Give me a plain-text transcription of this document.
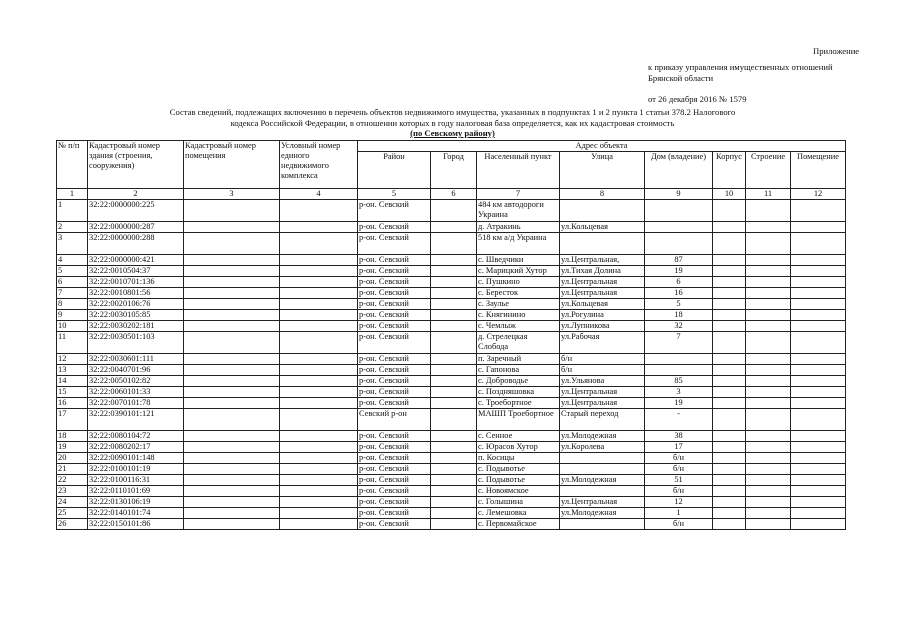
Приложение
к приказу управления имущественных отношений
Брянской области
от 26 декабря 2016 № 1579
Состав сведений, подлежащих включению в перечень объектов недвижимого имущества, указанных в подпунктах 1 и 2 пункта 1 статьи 378.2 Налогового
кодекса Российской Федерации, в отношении которых в году налоговая база определяется, как их кадастровая стоимость
(по Севскому району)
№ п/п	Кадастровый номер здания (строения, сооружения)	Кадастровый номер помещения	Условный номер единого недвижимого комплекса	Адрес объекта							
				Район	Город	Населенный пункт	Улица	Дом (владение)	Корпус	Строение	Помещение
1	2	3	4	5	6	7	8	9	10	11	12
1	32:22:0000000:225			р-он. Севский		484 км автодороги Украина					
2	32:22:0000000:287			р-он. Севский		д. Атракинь	ул.Кольцевая				
3	32:22:0000000:288			р-он. Севский		518 км а/д Украина					
4	32:22:0000000:421			р-он. Севский		с. Шведчики	ул.Центральная,	87			
5	32:22:0010504:37			р-он. Севский		с. Марицкий Хутор	ул.Тихая Долина	19			
6	32:22:0010701:136			р-он. Севский		с. Пушкино	ул.Центральная	6			
7	32:22:0010801:56			р-он. Севский		с. Бересток	ул.Центральная	16			
8	32:22:0020106:76			р-он. Севский		с. Заулье	ул.Кольцевая	5			
9	32:22:0030105:85			р-он. Севский		с. Княгинино	ул.Рогулина	18			
10	32:22:0030202:181			р-он. Севский		с. Чемлыж	ул.Лупникова	32			
11	32:22:0030501:103			р-он. Севский		д. Стрелецкая Слобода	ул.Рабочая	7			
12	32:22:0030601:111			р-он. Севский		п. Заречный	б/н				
13	32:22:0040701:96			р-он. Севский		с. Гапонова	б/н				
14	32:22:0050102:82			р-он. Севский		с. Доброводье	ул.Ульянова	85			
15	32:22:0060101:33			р-он. Севский		с. Поздняшовка	ул.Центральная	3			
16	32:22:0070101:78			р-он. Севский		с. Троебортное	ул.Центральная	19			
17	32:22:0390101:121			Севский р-он		МАШП Троебортное	Старый переход	-			
18	32:22:0080104:72			р-он. Севский		с. Сенное	ул.Молодежная	38			
19	32:22:0080202:17			р-он. Севский		с. Юрасов Хутор	ул.Королева	17			
20	32:22:0090101:148			р-он. Севский		п. Косицы		б/н			
21	32:22:0100101:19			р-он. Севский		с. Подывотье		б/н			
22	32:22:0100116:31			р-он. Севский		с. Подывотье	ул.Молодежная	51			
23	32:22:0110101:69			р-он. Севский		с. Новоямское		б/н			
24	32:22:0130106:19			р-он. Севский		с. Голышина	ул.Центральная	12			
25	32:22:0140101:74			р-он. Севский		с. Лемешовка	ул.Молодежная	1			
26	32:22:0150101:86			р-он. Севский		с. Первомайское		б/н			
